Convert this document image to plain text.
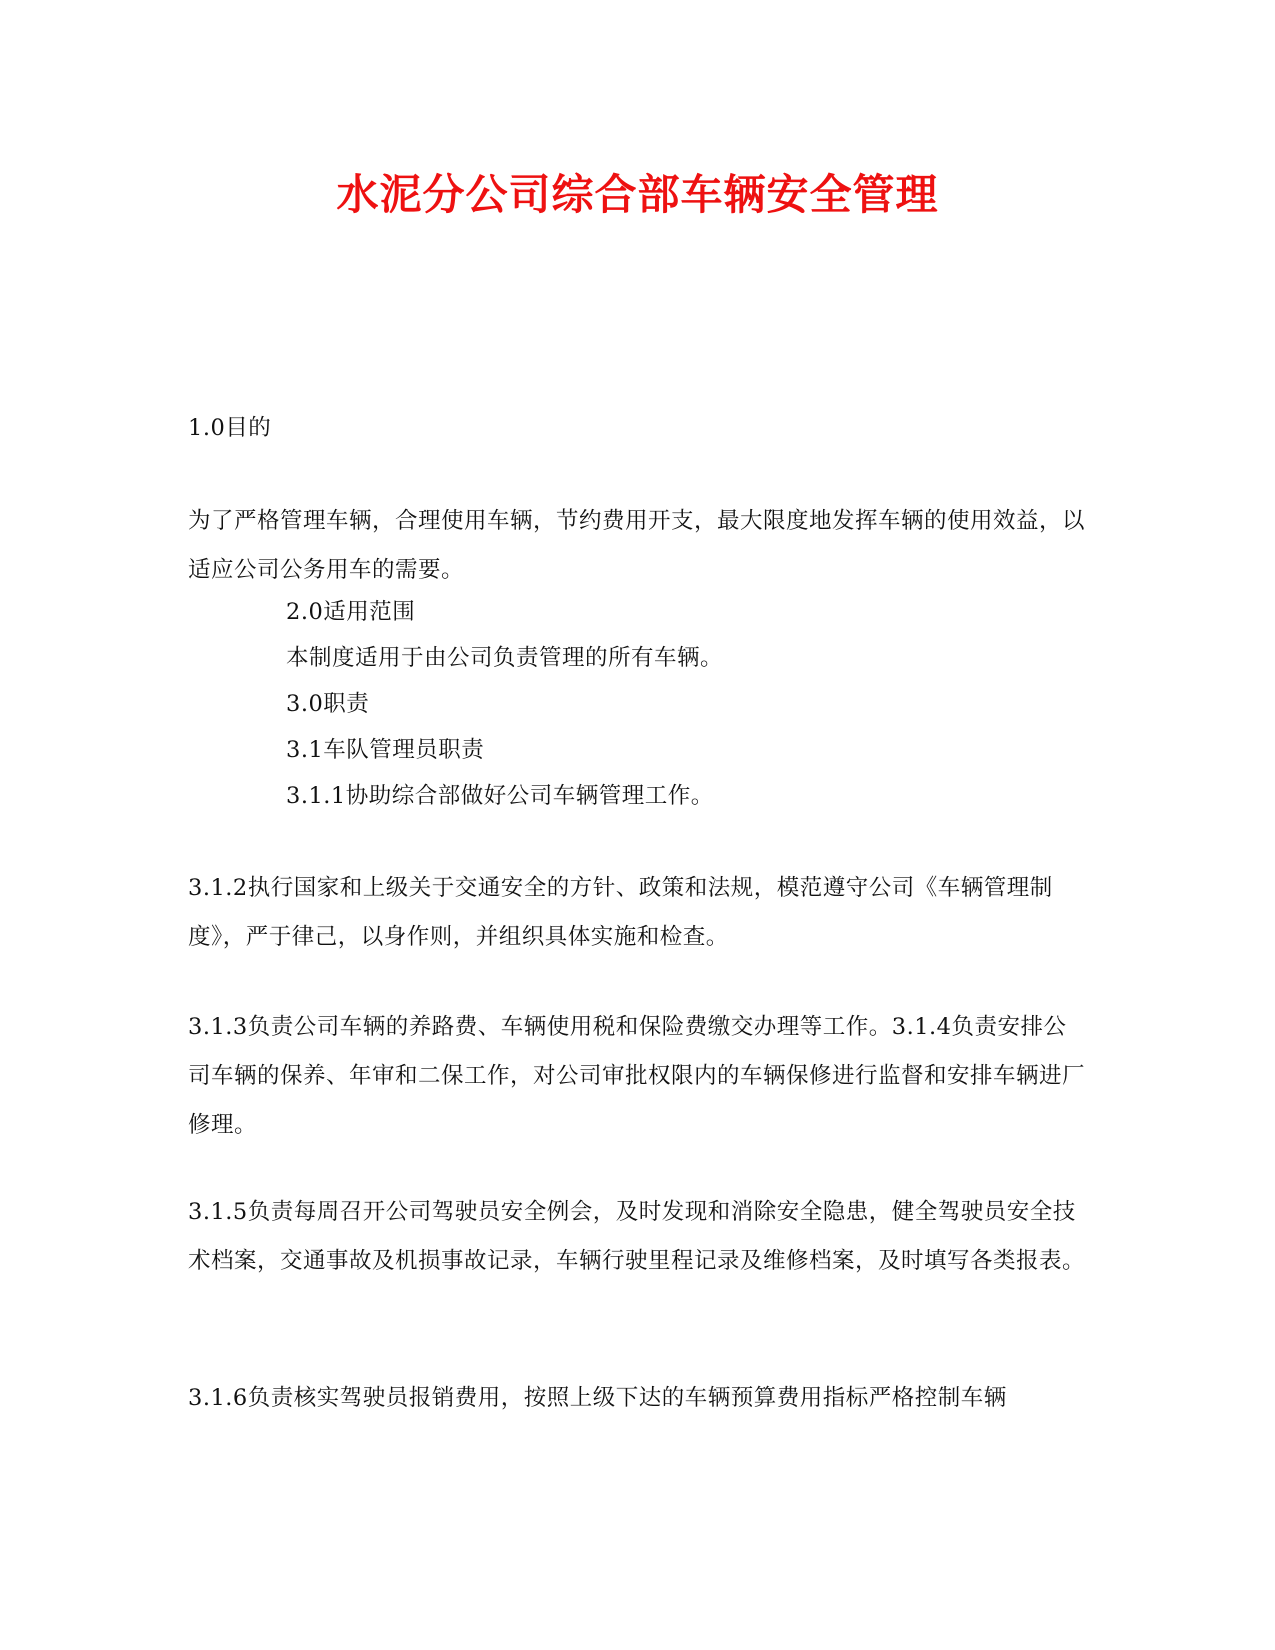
水泥分公司综合部车辆安全管理
1.0目的
为了严格管理车辆，合理使用车辆，节约费用开支，最大限度地发挥车辆的使用效益，以适应公司公务用车的需要。
2.0适用范围
本制度适用于由公司负责管理的所有车辆。
3.0职责
3.1车队管理员职责
3.1.1协助综合部做好公司车辆管理工作。
3.1.2执行国家和上级关于交通安全的方针、政策和法规，模范遵守公司《车辆管理制度》，严于律己，以身作则，并组织具体实施和检查。
3.1.3负责公司车辆的养路费、车辆使用税和保险费缴交办理等工作。3.1.4负责安排公司车辆的保养、年审和二保工作，对公司审批权限内的车辆保修进行监督和安排车辆进厂修理。
3.1.5负责每周召开公司驾驶员安全例会，及时发现和消除安全隐患，健全驾驶员安全技术档案，交通事故及机损事故记录，车辆行驶里程记录及维修档案，及时填写各类报表。
3.1.6负责核实驾驶员报销费用，按照上级下达的车辆预算费用指标严格控制车辆
